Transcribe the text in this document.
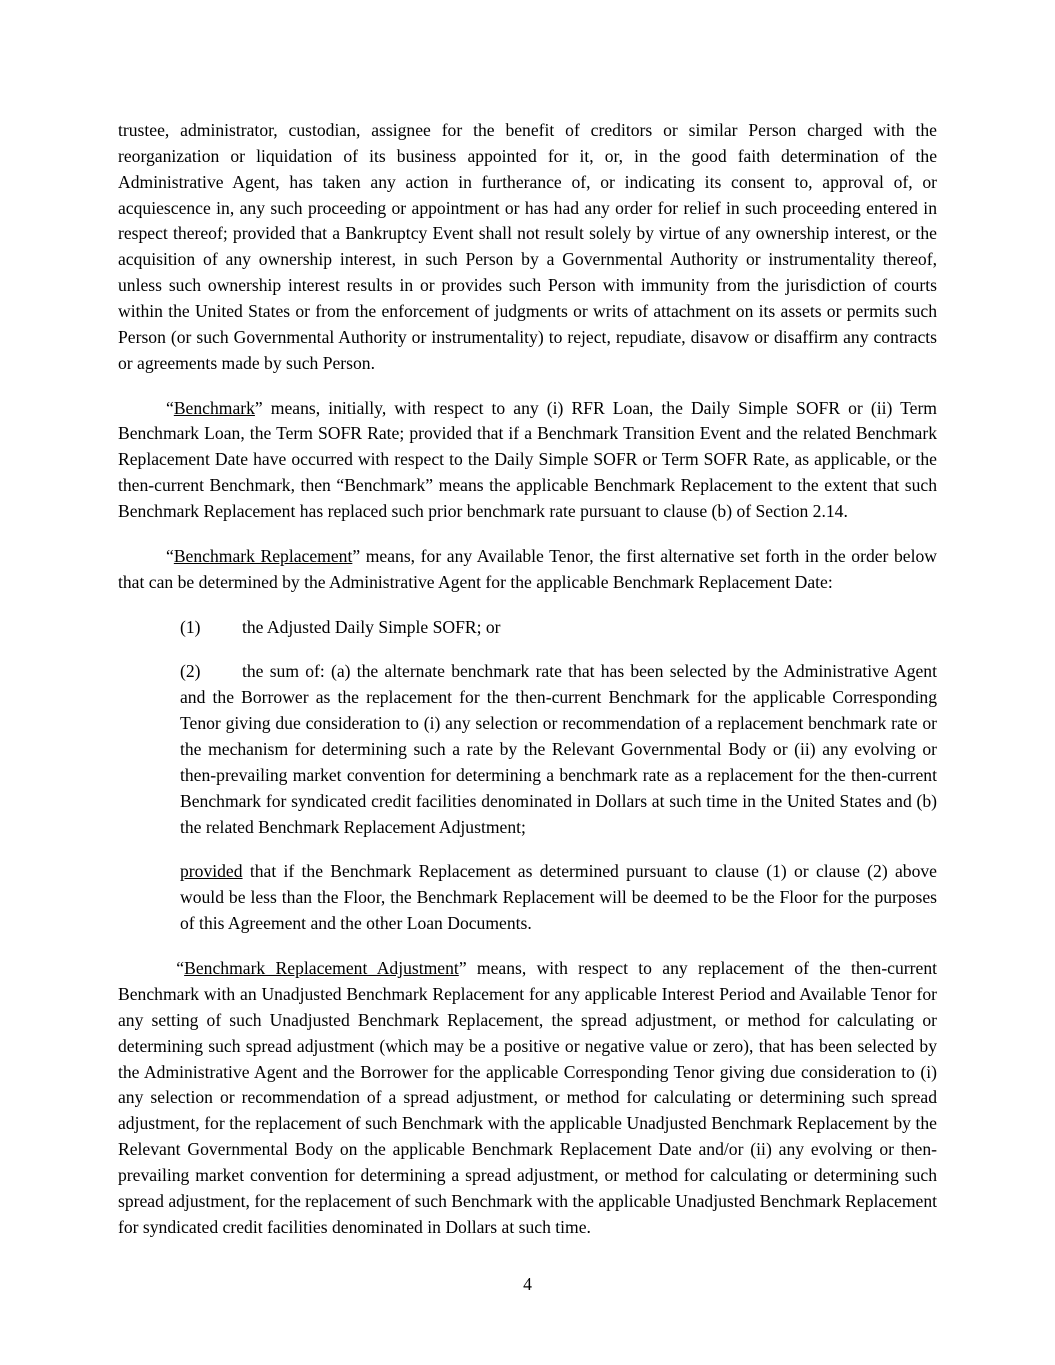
trustee, administrator, custodian, assignee for the benefit of creditors or similar Person charged with the reorganization or liquidation of its business appointed for it, or, in the good faith determination of the Administrative Agent, has taken any action in furtherance of, or indicating its consent to, approval of, or acquiescence in, any such proceeding or appointment or has had any order for relief in such proceeding entered in respect thereof; provided that a Bankruptcy Event shall not result solely by virtue of any ownership interest, or the acquisition of any ownership interest, in such Person by a Governmental Authority or instrumentality thereof, unless such ownership interest results in or provides such Person with immunity from the jurisdiction of courts within the United States or from the enforcement of judgments or writs of attachment on its assets or permits such Person (or such Governmental Authority or instrumentality) to reject, repudiate, disavow or disaffirm any contracts or agreements made by such Person.

“Benchmark” means, initially, with respect to any (i) RFR Loan, the Daily Simple SOFR or (ii) Term Benchmark Loan, the Term SOFR Rate; provided that if a Benchmark Transition Event and the related Benchmark Replacement Date have occurred with respect to the Daily Simple SOFR or Term SOFR Rate, as applicable, or the then-current Benchmark, then “Benchmark” means the applicable Benchmark Replacement to the extent that such Benchmark Replacement has replaced such prior benchmark rate pursuant to clause (b) of Section 2.14.

“Benchmark Replacement” means, for any Available Tenor, the first alternative set forth in the order below that can be determined by the Administrative Agent for the applicable Benchmark Replacement Date:

(1) the Adjusted Daily Simple SOFR; or

(2) the sum of: (a) the alternate benchmark rate that has been selected by the Administrative Agent and the Borrower as the replacement for the then-current Benchmark for the applicable Corresponding Tenor giving due consideration to (i) any selection or recommendation of a replacement benchmark rate or the mechanism for determining such a rate by the Relevant Governmental Body or (ii) any evolving or then-prevailing market convention for determining a benchmark rate as a replacement for the then-current Benchmark for syndicated credit facilities denominated in Dollars at such time in the United States and (b) the related Benchmark Replacement Adjustment;

provided that if the Benchmark Replacement as determined pursuant to clause (1) or clause (2) above would be less than the Floor, the Benchmark Replacement will be deemed to be the Floor for the purposes of this Agreement and the other Loan Documents.

“Benchmark Replacement Adjustment” means, with respect to any replacement of the then-current Benchmark with an Unadjusted Benchmark Replacement for any applicable Interest Period and Available Tenor for any setting of such Unadjusted Benchmark Replacement, the spread adjustment, or method for calculating or determining such spread adjustment (which may be a positive or negative value or zero), that has been selected by the Administrative Agent and the Borrower for the applicable Corresponding Tenor giving due consideration to (i) any selection or recommendation of a spread adjustment, or method for calculating or determining such spread adjustment, for the replacement of such Benchmark with the applicable Unadjusted Benchmark Replacement by the Relevant Governmental Body on the applicable Benchmark Replacement Date and/or (ii) any evolving or then-prevailing market convention for determining a spread adjustment, or method for calculating or determining such spread adjustment, for the replacement of such Benchmark with the applicable Unadjusted Benchmark Replacement for syndicated credit facilities denominated in Dollars at such time.

4
